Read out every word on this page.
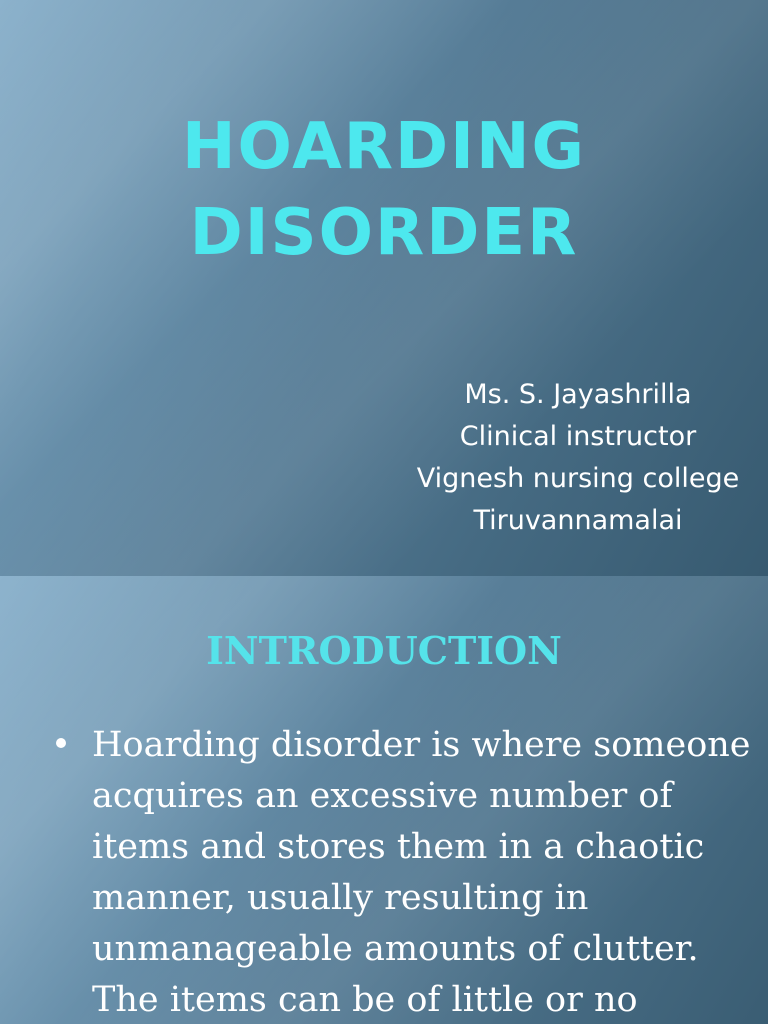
HOARDING
DISORDER
Ms. S. Jayashrilla
Clinical instructor
Vignesh nursing college
Tiruvannamalai
INTRODUCTION
Hoarding disorder is where someone
acquires an excessive number of
items and stores them in a chaotic
manner, usually resulting in
unmanageable amounts of clutter.
The items can be of little or no
